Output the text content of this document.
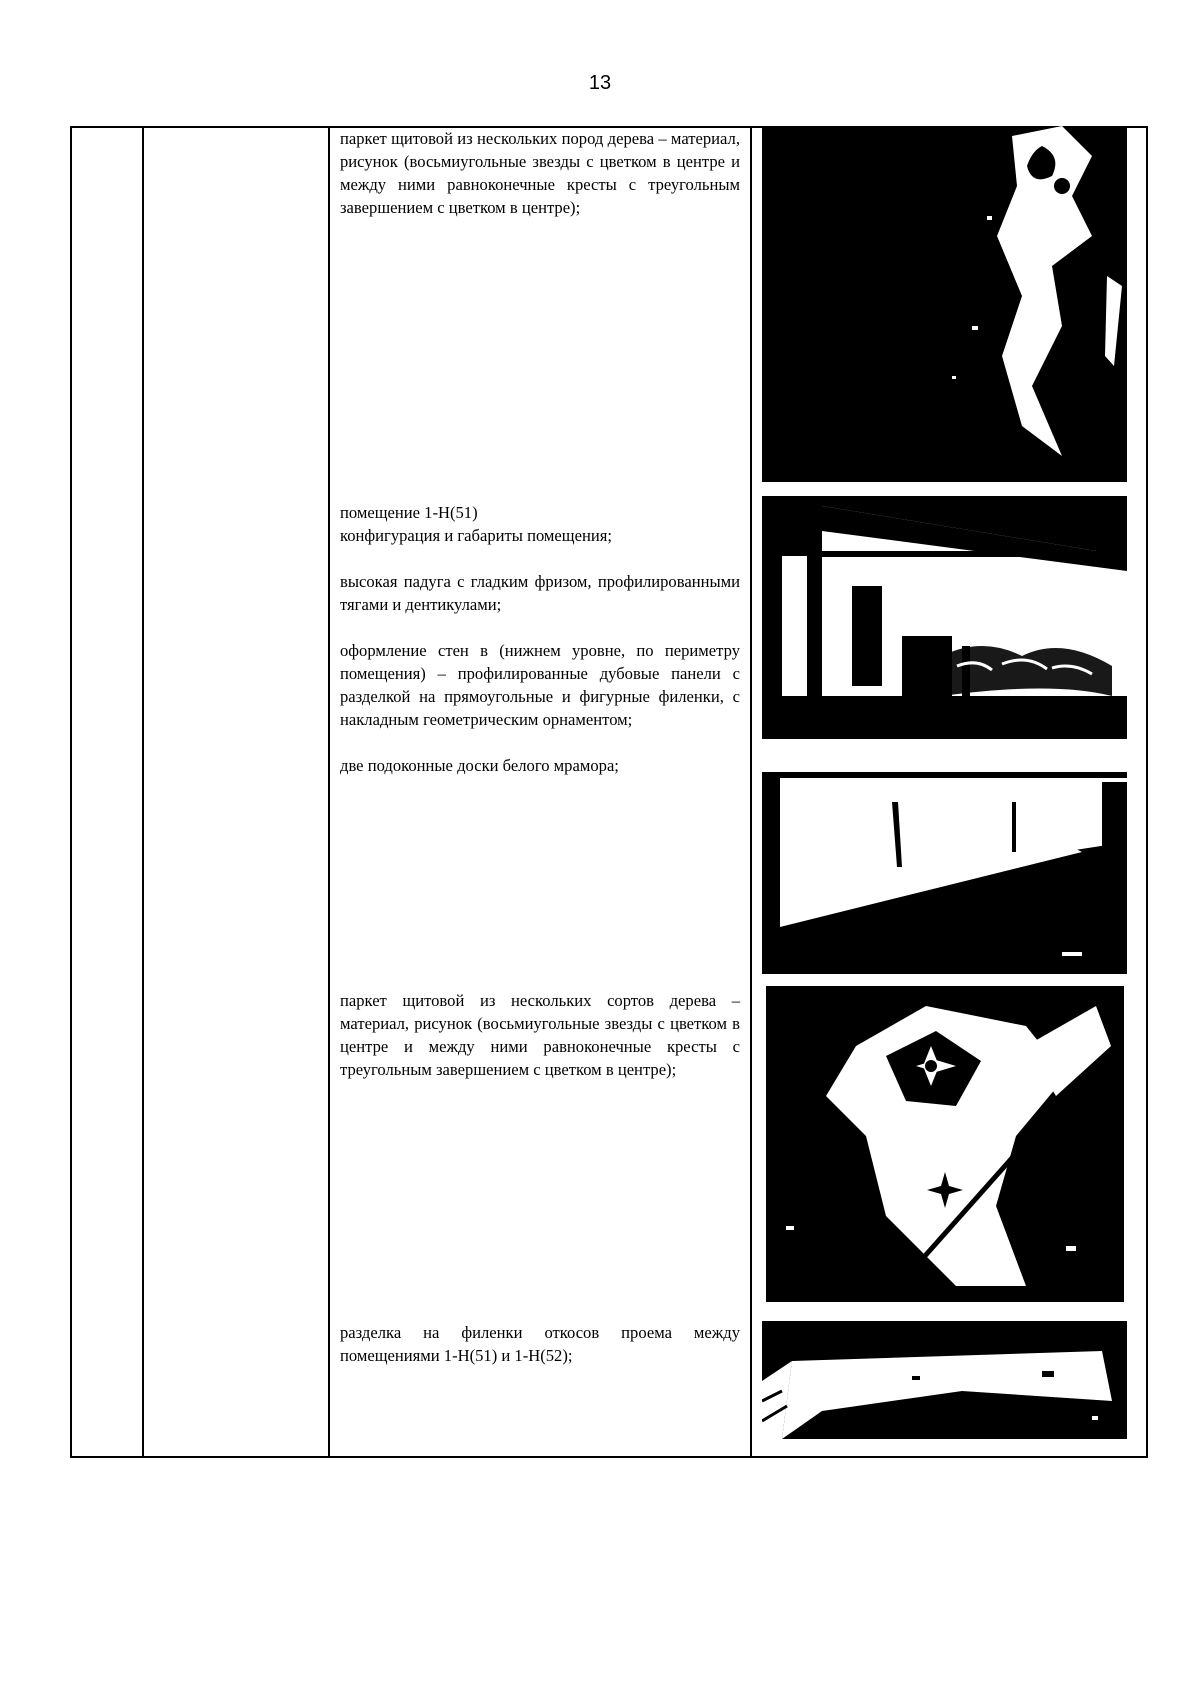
13

паркет щитовой из нескольких пород дерева – материал, рисунок (восьмиугольные звезды с цветком в центре и между ними равноконечные кресты с треугольным завершением с цветком в центре);

помещение 1-Н(51)

конфигурация и габариты помещения;

высокая падуга с гладким фризом, профилированными тягами и дентикулами;

оформление стен в (нижнем уровне, по периметру помещения) – профилированные дубовые панели с разделкой на прямоугольные и фигурные филенки, с накладным геометрическим орнаментом;

две подоконные доски белого мрамора;

паркет щитовой из нескольких сортов дерева – материал, рисунок (восьмиугольные звезды с цветком в центре и между ними равноконечные кресты с треугольным завершением с цветком в центре);

разделка на филенки откосов проема между помещениями 1-Н(51) и 1-Н(52);
